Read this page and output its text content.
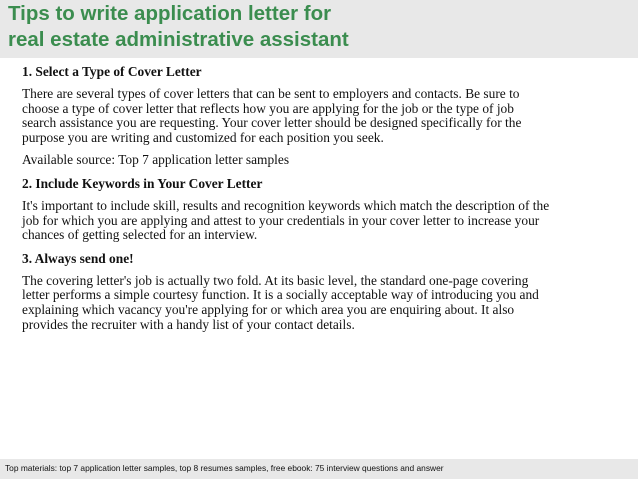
Tips to write application letter for
real estate administrative assistant

1. Select a Type of Cover Letter

There are several types of cover letters that can be sent to employers and contacts. Be sure to
choose a type of cover letter that reflects how you are applying for the job or the type of job
search assistance you are requesting. Your cover letter should be designed specifically for the
purpose you are writing and customized for each position you seek.

Available source: Top 7 application letter samples

2. Include Keywords in Your Cover Letter

It's important to include skill, results and recognition keywords which match the description of the
job for which you are applying and attest to your credentials in your cover letter to increase your
chances of getting selected for an interview.

3. Always send one!

The covering letter's job is actually two fold. At its basic level, the standard one-page covering
letter performs a simple courtesy function. It is a socially acceptable way of introducing you and
explaining which vacancy you're applying for or which area you are enquiring about. It also
provides the recruiter with a handy list of your contact details.

Top materials: top 7 application letter samples, top 8 resumes samples, free ebook: 75 interview questions and answer
